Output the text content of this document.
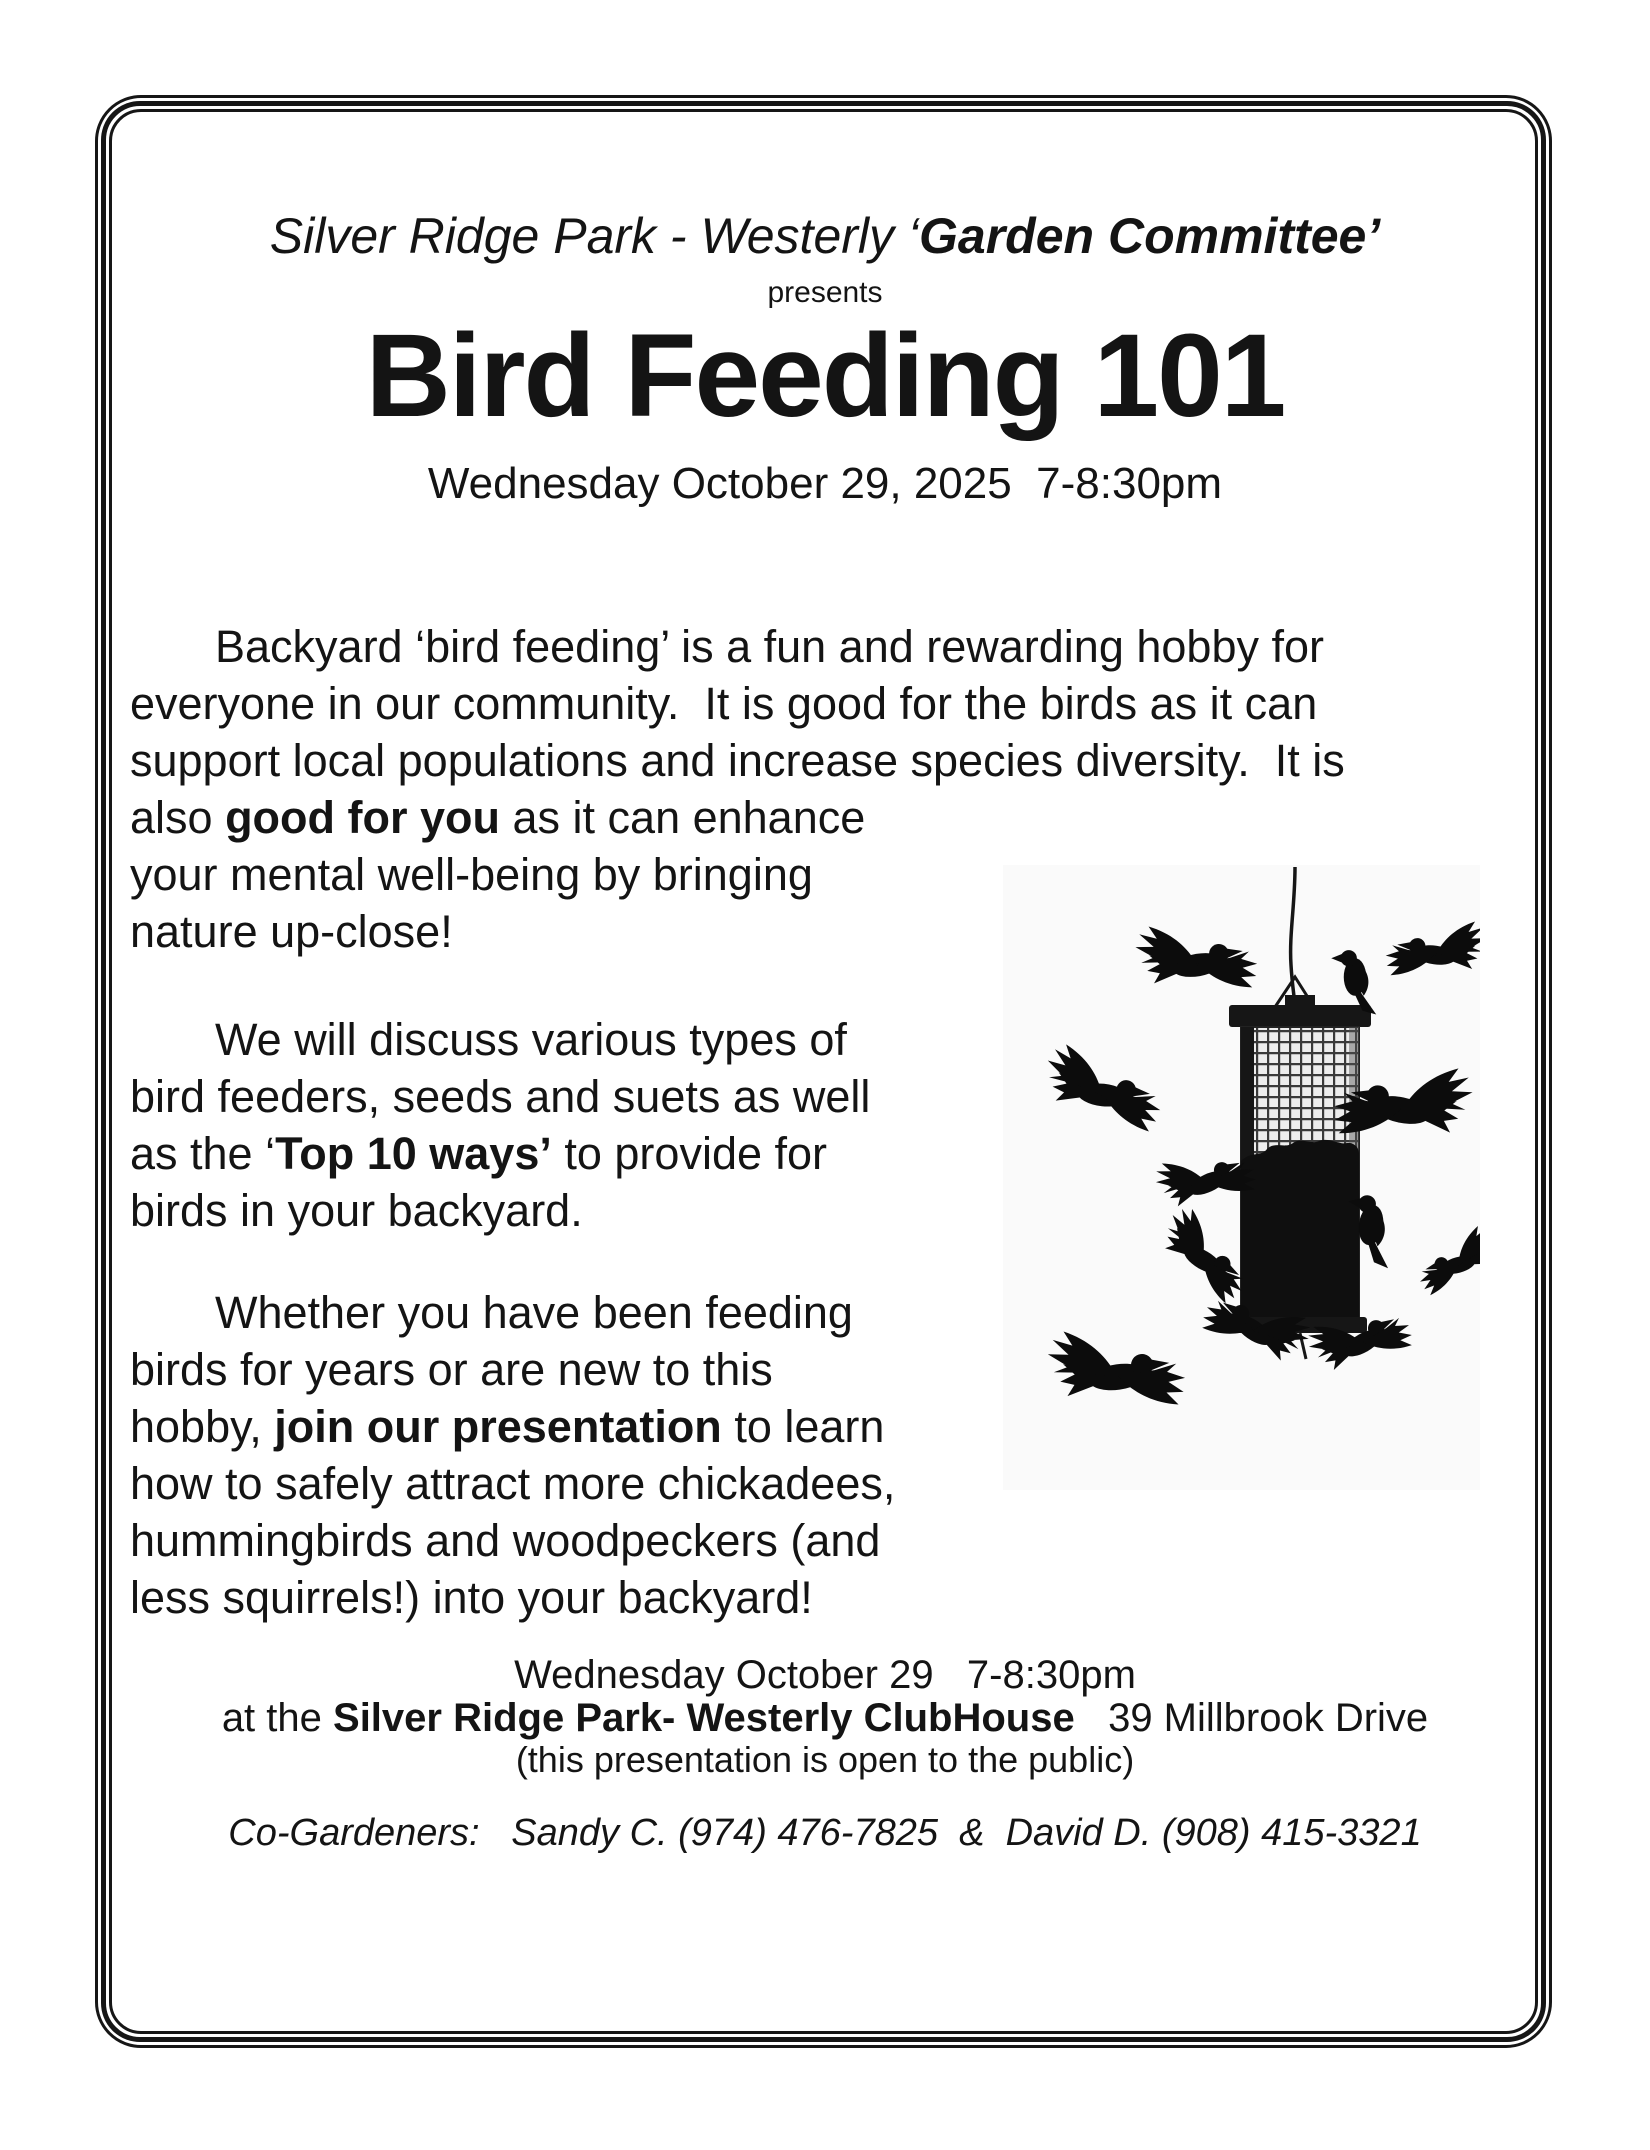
Silver Ridge Park - Westerly ‘Garden Committee’
presents
Bird Feeding 101
Wednesday October 29, 2025  7-8:30pm
Backyard ‘bird feeding’ is a fun and rewarding hobby for
everyone in our community.  It is good for the birds as it can
support local populations and increase species diversity.  It is
also good for you as it can enhance
your mental well-being by bringing
nature up-close!
We will discuss various types of
bird feeders, seeds and suets as well
as the ‘Top 10 ways’ to provide for
birds in your backyard.
Whether you have been feeding
birds for years or are new to this
hobby, join our presentation to learn
how to safely attract more chickadees,
hummingbirds and woodpeckers (and
less squirrels!) into your backyard!
Wednesday October 29   7-8:30pm
at the Silver Ridge Park- Westerly ClubHouse   39 Millbrook Drive
(this presentation is open to the public)
Co-Gardeners:   Sandy C. (974) 476-7825  &  David D. (908) 415-3321
